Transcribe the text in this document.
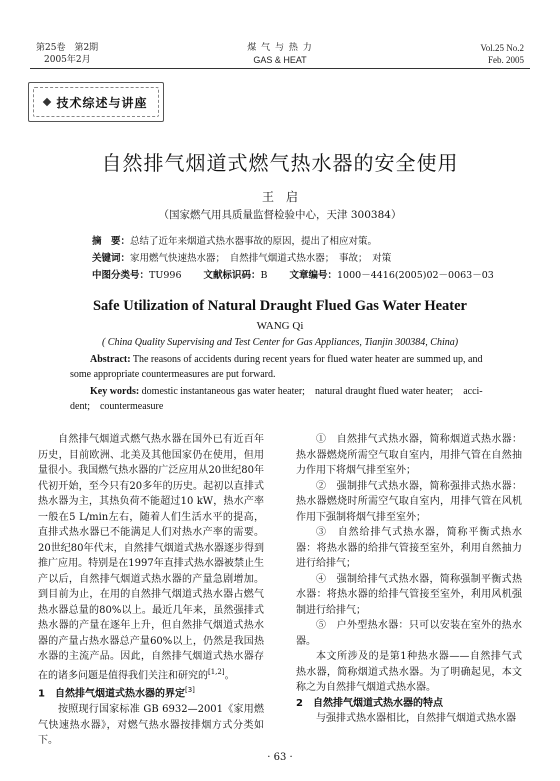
第25卷　第2期
2005年2月
煤 气 与 热 力
GAS & HEAT
Vol.25 No.2
Feb. 2005
技术综述与讲座
自然排气烟道式燃气热水器的安全使用
王　启
（国家燃气用具质量监督检验中心，天津 300384）
摘　要：总结了近年来烟道式热水器事故的原因，提出了相应对策。
关键词：家用燃气快速热水器；　自然排气烟道式热水器；　事故；　对策
中图分类号：TU996 文献标识码：B 文章编号：1000－4416(2005)02－0063－03
Safe Utilization of Natural Draught Flued Gas Water Heater
WANG Qi
( China Quality Supervising and Test Center for Gas Appliances, Tianjin 300384, China)
Abstract: The reasons of accidents during recent years for flued water heater are summed up, and
some appropriate countermeasures are put forward.
Key words: domestic instantaneous gas water heater;　natural draught flued water heater;　acci-
dent;　countermeasure

自然排气烟道式燃气热水器在国外已有近百年历史，目前欧洲、北美及其他国家仍在使用，但用量很小。我国燃气热水器的广泛应用从20世纪80年代初开始，至今只有20多年的历史。起初以直排式热水器为主，其热负荷不能超过10 kW，热水产率一般在5 L/min左右，随着人们生活水平的提高，直排式热水器已不能满足人们对热水产率的需要。20世纪80年代末，自然排气烟道式热水器逐步得到推广应用。特别是在1997年直排式热水器被禁止生产以后，自然排气烟道式热水器的产量急剧增加。到目前为止，在用的自然排气烟道式热水器占燃气热水器总量的80%以上。最近几年来，虽然强排式热水器的产量在逐年上升，但自然排气烟道式热水器的产量占热水器总产量60%以上，仍然是我国热水器的主流产品。因此，自然排气烟道式热水器存在的诸多问题是值得我们关注和研究的[1,2]。

1　自然排气烟道式热水器的界定[3]

按照现行国家标准 GB 6932—2001《家用燃气快速热水器》，对燃气热水器按排烟方式分类如下。

①　自然排气式热水器，简称烟道式热水器：热水器燃烧所需空气取自室内，用排气管在自然抽力作用下将烟气排至室外；

②　强制排气式热水器，简称强排式热水器：热水器燃烧时所需空气取自室内，用排气管在风机作用下强制将烟气排至室外；

③　自然给排气式热水器，简称平衡式热水器：将热水器的给排气管接至室外，利用自然抽力进行给排气；

④　强制给排气式热水器，简称强制平衡式热水器：将热水器的给排气管接至室外，利用风机强制进行给排气；

⑤　户外型热水器：只可以安装在室外的热水器。

本文所涉及的是第1种热水器——自然排气式热水器，简称烟道式热水器。为了明确起见，本文称之为自然排气烟道式热水器。

2　自然排气烟道式热水器的特点

与强排式热水器相比，自然排气烟道式热水器

· 63 ·
